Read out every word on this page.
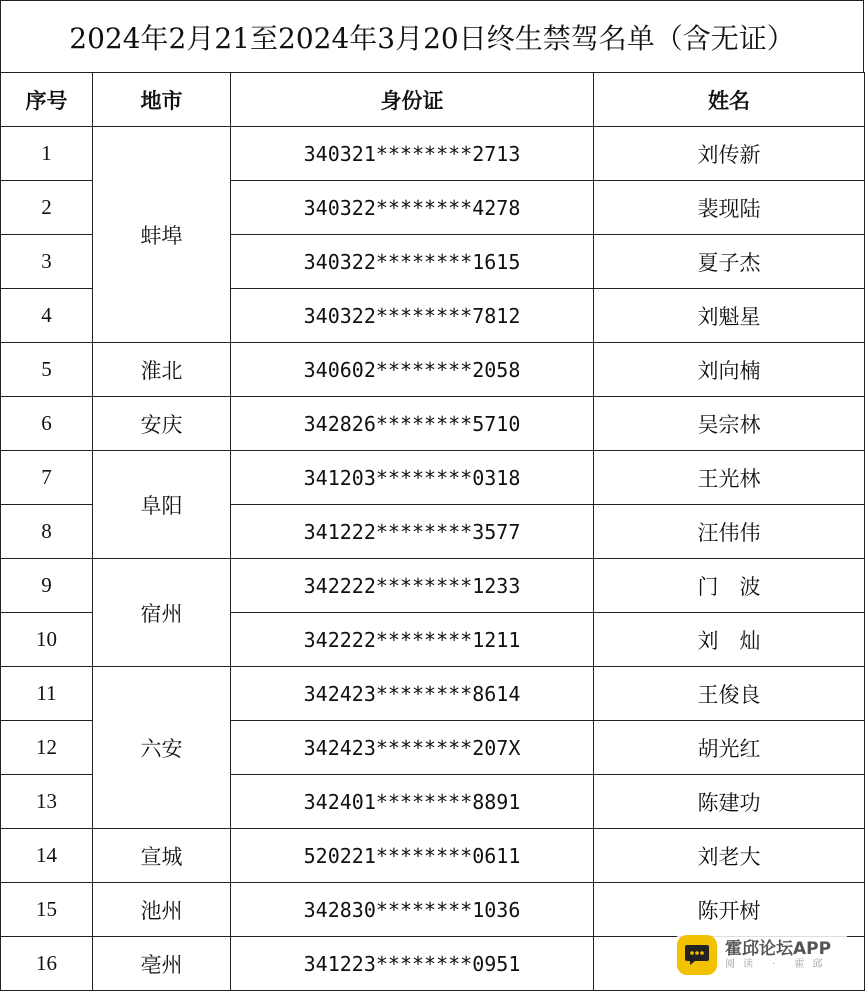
2024年2月21至2024年3月20日终生禁驾名单（含无证）
序号	地市	身份证	姓名
1	蚌埠	340321********2713	刘传新
2		340322********4278	裴现陆
3		340322********1615	夏子杰
4		340322********7812	刘魁星
5	淮北	340602********2058	刘向楠
6	安庆	342826********5710	吴宗林
7	阜阳	341203********0318	王光林
8		341222********3577	汪伟伟
9	宿州	342222********1233	门　波
10		342222********1211	刘　灿
11	六安	342423********8614	王俊良
12		342423********207X	胡光红
13		342401********8891	陈建功
14	宣城	520221********0611	刘老大
15	池州	342830********1036	陈开树
16	亳州	341223********0951	
霍邱论坛APP
阅读 · 霍邱
